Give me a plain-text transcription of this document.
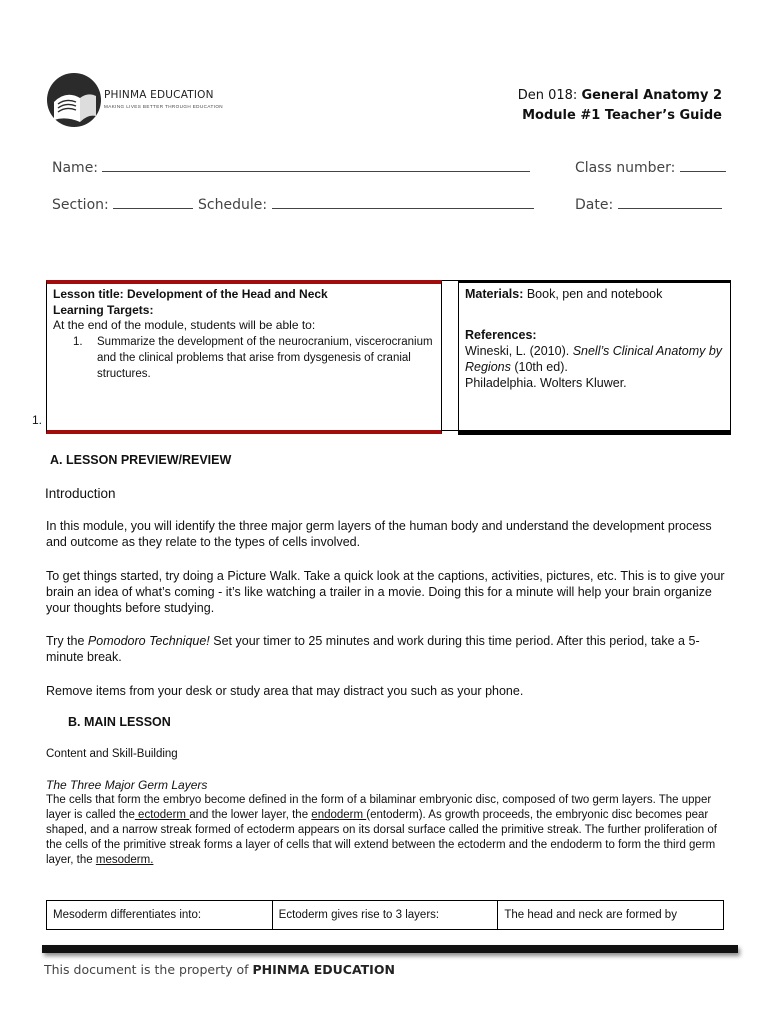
PHINMA EDUCATION
MAKING LIVES BETTER THROUGH EDUCATION
Den 018: General Anatomy 2
Module #1 Teacher’s Guide
Name:	Class number:
Section:	Schedule:	Date:
Lesson title: Development of the Head and Neck
Learning Targets:
At the end of the module, students will be able to:
1.	Summarize the development of the neurocranium, viscerocranium and the clinical problems that arise from dysgenesis of cranial structures.
Materials: Book, pen and notebook
References:
Wineski, L. (2010). Snell’s Clinical Anatomy by Regions (10th ed).
Philadelphia. Wolters Kluwer.
1.
A. LESSON PREVIEW/REVIEW
Introduction
In this module, you will identify the three major germ layers of the human body and understand the development process and outcome as they relate to the types of cells involved.
To get things started, try doing a Picture Walk. Take a quick look at the captions, activities, pictures, etc. This is to give your brain an idea of what’s coming - it’s like watching a trailer in a movie. Doing this for a minute will help your brain organize your thoughts before studying.
Try the Pomodoro Technique! Set your timer to 25 minutes and work during this time period. After this period, take a 5-minute break.
Remove items from your desk or study area that may distract you such as your phone.
B. MAIN LESSON
Content and Skill-Building
The Three Major Germ Layers
The cells that form the embryo become defined in the form of a bilaminar embryonic disc, composed of two germ layers. The upper layer is called the ectoderm and the lower layer, the endoderm (entoderm). As growth proceeds, the embryonic disc becomes pear shaped, and a narrow streak formed of ectoderm appears on its dorsal surface called the primitive streak. The further proliferation of the cells of the primitive streak forms a layer of cells that will extend between the ectoderm and the endoderm to form the third germ layer, the mesoderm.
Mesoderm differentiates into:	Ectoderm gives rise to 3 layers:	The head and neck are formed by
This document is the property of PHINMA EDUCATION
